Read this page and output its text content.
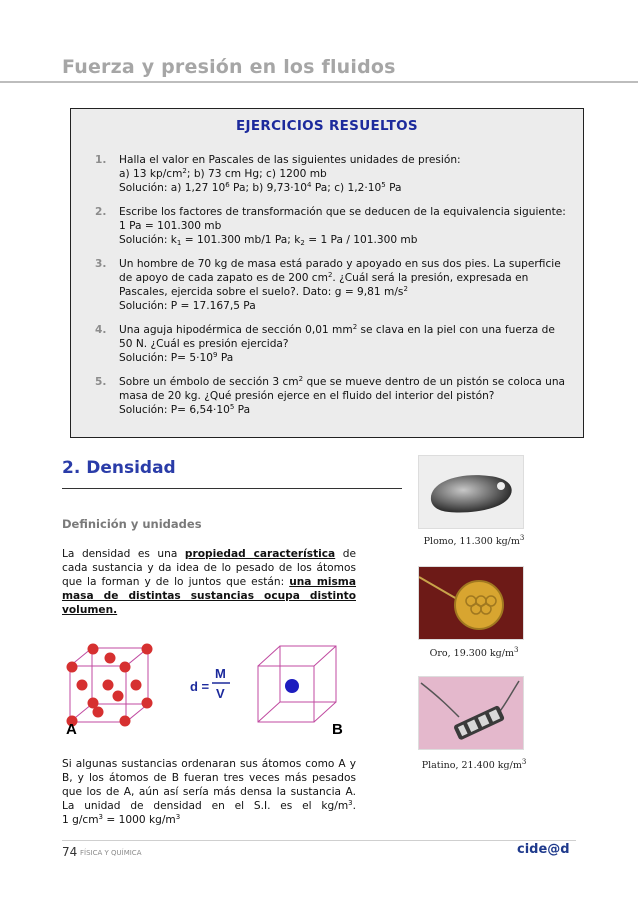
Fuerza y presión en los fluidos
EJERCICIOS RESUELTOS
1. Halla el valor en Pascales de las siguientes unidades de presión:
a) 13 $kp/cm^2$; b) 73 cm Hg; c) 1200 mb
Solución: a) 1,27 $10^6$ Pa; b) $9,73\cdot 10^4$ Pa; c) $1,2\cdot 10^5$ Pa
2. Escribe los factores de transformación que se deducen de la equivalencia siguiente:
1 Pa = 101.300 mb
Solución: $k_1 = 101.300$ mb/1 Pa; $k_2 = 1$ Pa / 101.300 mb
3. Un hombre de 70 kg de masa está parado y apoyado en sus dos pies. La superficie
de apoyo de cada zapato es de 200 $cm^2$. ¿Cuál será la presión, expresada en
Pascales, ejercida sobre el suelo?. Dato: g = 9,81 $m/s^2$
Solución: P = 17.167,5 Pa
4. Una aguja hipodérmica de sección 0,01 $mm^2$ se clava en la piel con una fuerza de
50 N. ¿Cuál es presión ejercida?
Solución: $P= 5\cdot 10^9$ Pa
5. Sobre un émbolo de sección 3 $cm^2$ que se mueve dentro de un pistón se coloca una
masa de 20 kg. ¿Qué presión ejerce en el fluido del interior del pistón?
Solución: $P= 6,54\cdot 10^5$ Pa
2. Densidad
Definición y unidades
La densidad es una propiedad característica de
cada sustancia y da idea de lo pesado de los átomos
que la forman y de lo juntos que están: una misma
masa de distintas sustancias ocupa distinto
volumen.
d =
M
V
A	B
Si algunas sustancias ordenaran sus átomos como A y
B, y los átomos de B fueran tres veces más pesados
que los de A, aún así sería más densa la sustancia A.
La unidad de densidad en el S.I. es el $kg/m^3$.
1 $g/cm^3 = 1000$ $kg/m^3$
Plomo, 11.300 $kg/m^3$
Oro, 19.300 $kg/m^3$
Platino, 21.400 $kg/m^3$
74 FÍSICA Y QUÍMICA	cide@d
